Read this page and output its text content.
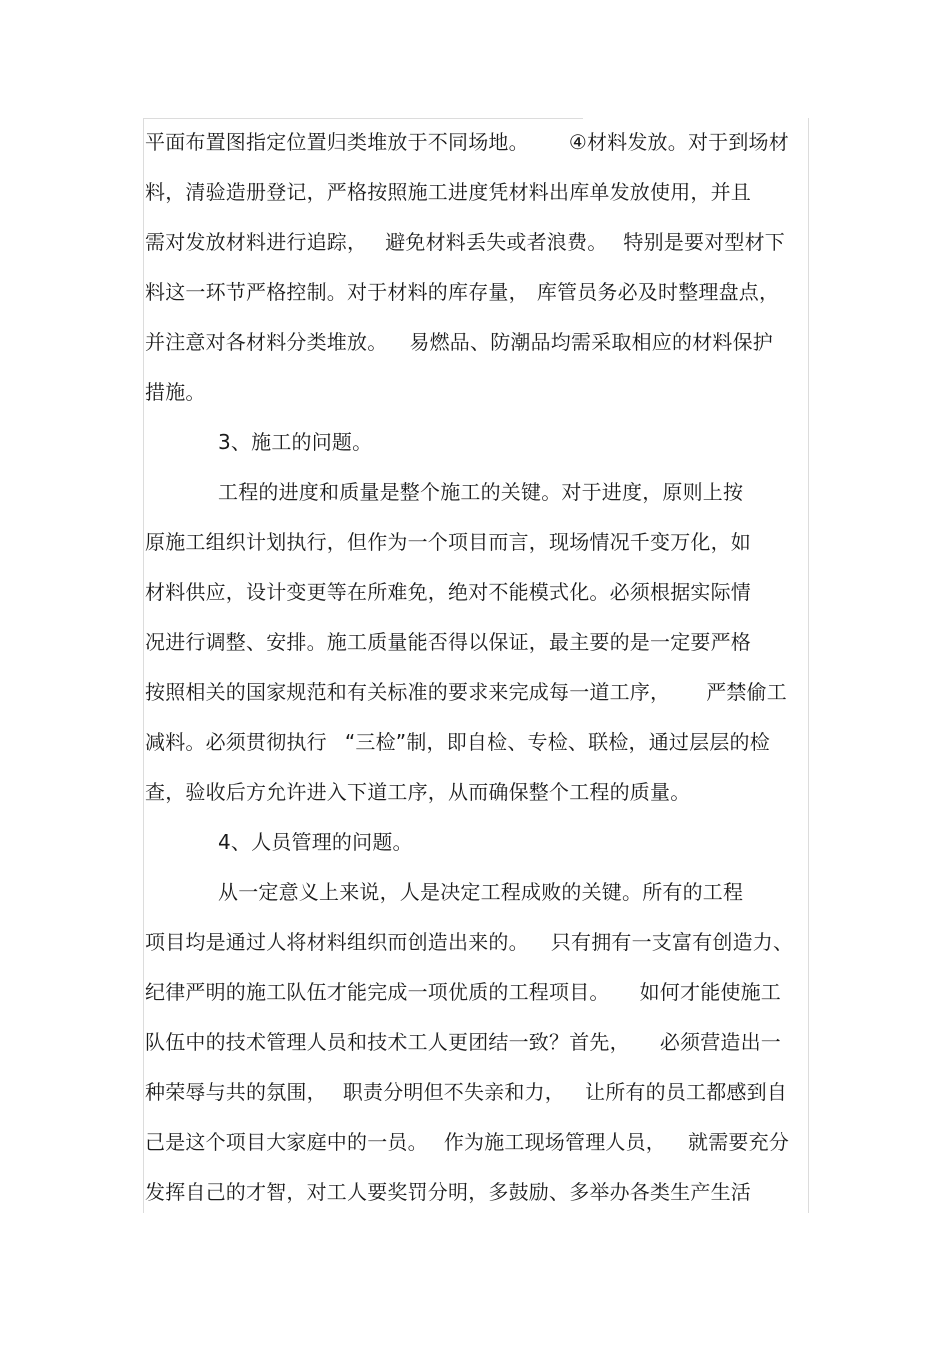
平面布置图指定位置归类堆放于不同场地。 ④材料发放。对于到场材
料，清验造册登记，严格按照施工进度凭材料出库单发放使用，并且
需对发放材料进行追踪， 避免材料丢失或者浪费。 特别是要对型材下
料这一环节严格控制。对于材料的库存量， 库管员务必及时整理盘点，
并注意对各材料分类堆放。 易燃品、防潮品均需采取相应的材料保护
措施。
3、施工的问题。
工程的进度和质量是整个施工的关键。对于进度，原则上按
原施工组织计划执行，但作为一个项目而言，现场情况千变万化，如
材料供应，设计变更等在所难免，绝对不能模式化。必须根据实际情
况进行调整、安排。施工质量能否得以保证，最主要的是一定要严格
按照相关的国家规范和有关标准的要求来完成每一道工序， 严禁偷工
减料。必须贯彻执行 “三检”制，即自检、专检、联检，通过层层的检
查，验收后方允许进入下道工序，从而确保整个工程的质量。
4、人员管理的问题。
从一定意义上来说，人是决定工程成败的关键。所有的工程
项目均是通过人将材料组织而创造出来的。 只有拥有一支富有创造力、
纪律严明的施工队伍才能完成一项优质的工程项目。 如何才能使施工
队伍中的技术管理人员和技术工人更团结一致？首先， 必须营造出一
种荣辱与共的氛围， 职责分明但不失亲和力， 让所有的员工都感到自
己是这个项目大家庭中的一员。 作为施工现场管理人员， 就需要充分
发挥自己的才智，对工人要奖罚分明，多鼓励、多举办各类生产生活
